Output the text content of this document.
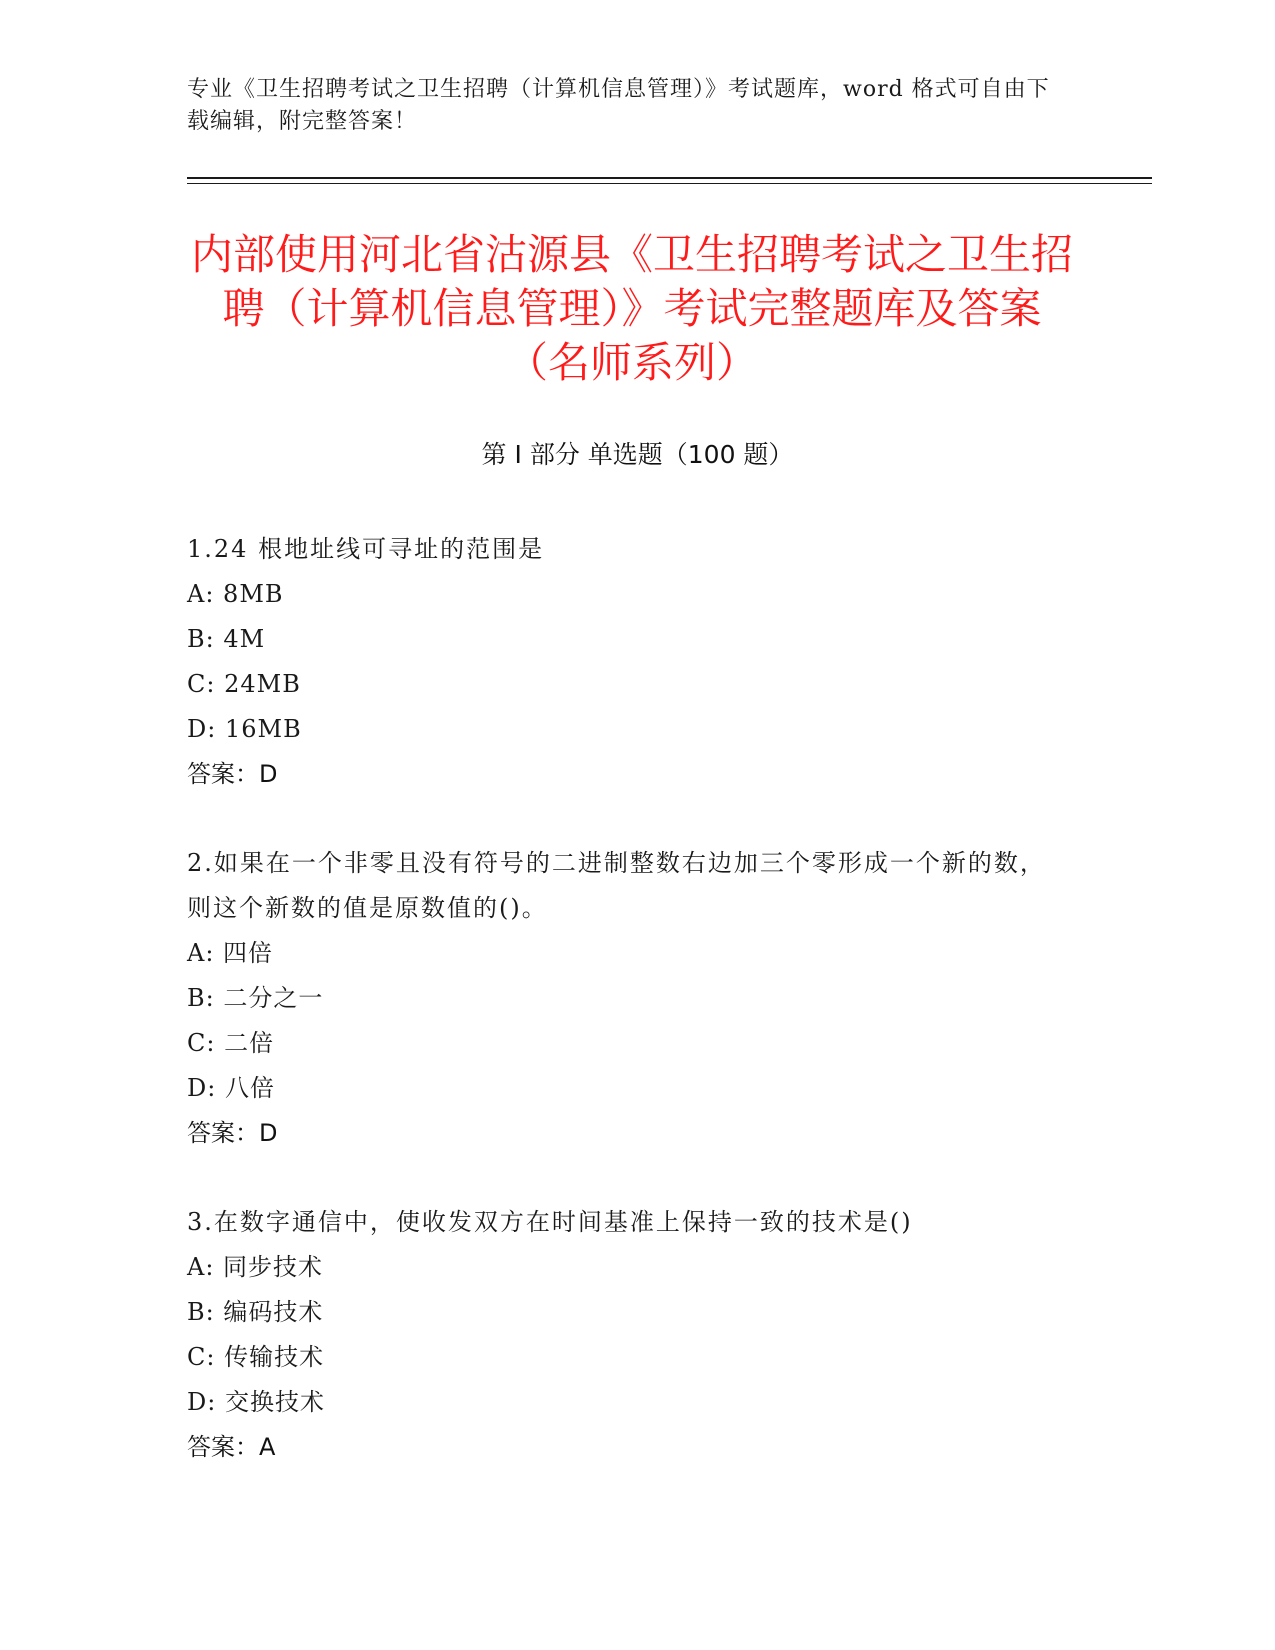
专业《卫生招聘考试之卫生招聘（计算机信息管理）》考试题库，word 格式可自由下载编辑，附完整答案！
内部使用河北省沽源县《卫生招聘考试之卫生招聘（计算机信息管理）》考试完整题库及答案（名师系列）
第 I 部分 单选题（100 题）
1.24 根地址线可寻址的范围是
A: 8MB
B: 4M
C: 24MB
D: 16MB
答案：D
2.如果在一个非零且没有符号的二进制整数右边加三个零形成一个新的数，则这个新数的值是原数值的()。
A: 四倍
B: 二分之一
C: 二倍
D: 八倍
答案：D
3.在数字通信中，使收发双方在时间基准上保持一致的技术是()
A: 同步技术
B: 编码技术
C: 传输技术
D: 交换技术
答案：A
